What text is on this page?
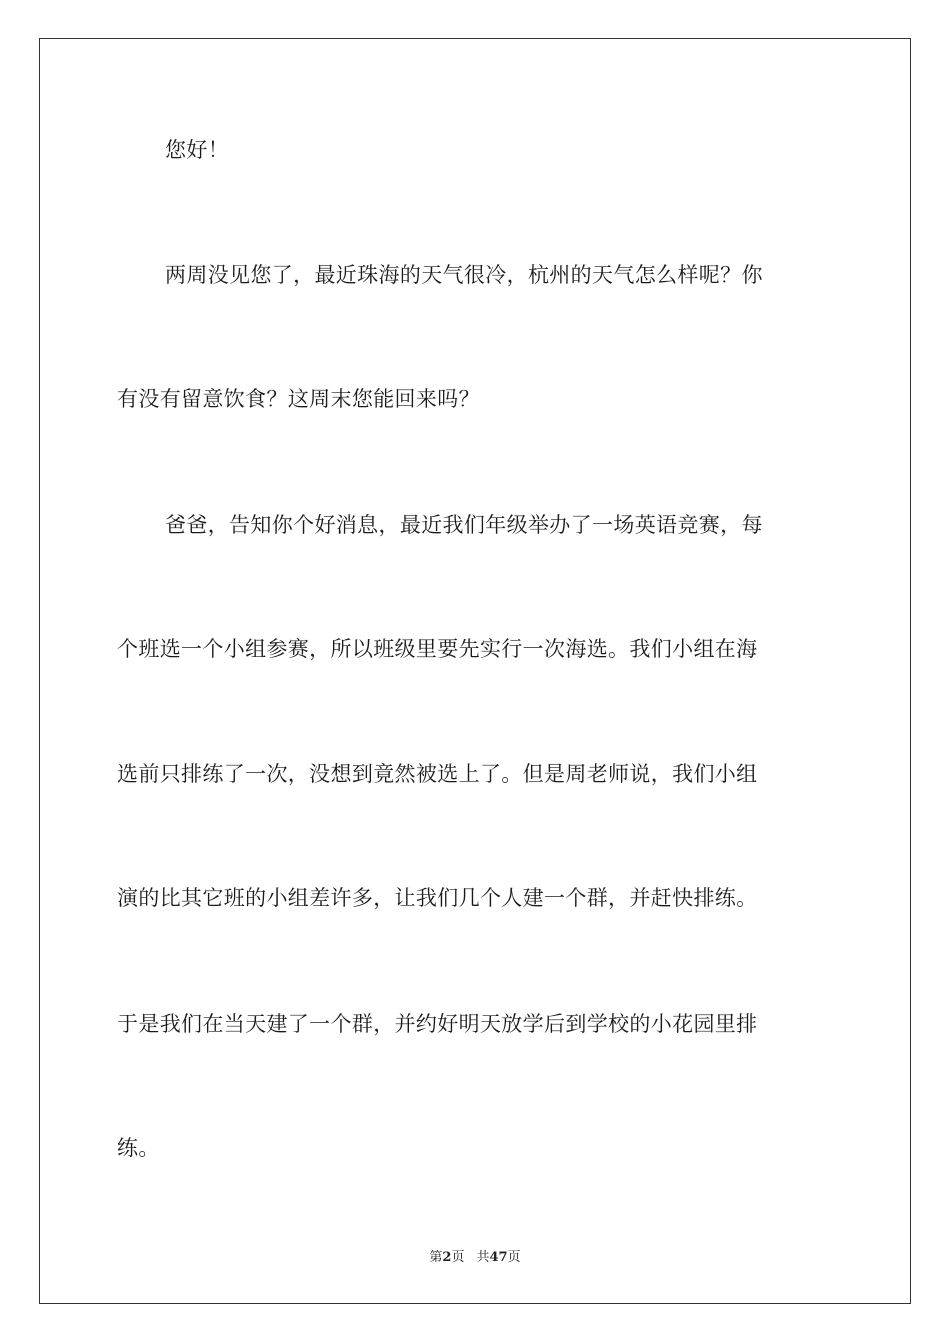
您好！
两周没见您了，最近珠海的天气很冷，杭州的天气怎么样呢？你
有没有留意饮食？这周末您能回来吗？
爸爸，告知你个好消息，最近我们年级举办了一场英语竞赛，每
个班选一个小组参赛，所以班级里要先实行一次海选。我们小组在海
选前只排练了一次，没想到竟然被选上了。但是周老师说，我们小组
演的比其它班的小组差许多，让我们几个人建一个群，并赶快排练。
于是我们在当天建了一个群，并约好明天放学后到学校的小花园里排
练。
第2页 共47页
